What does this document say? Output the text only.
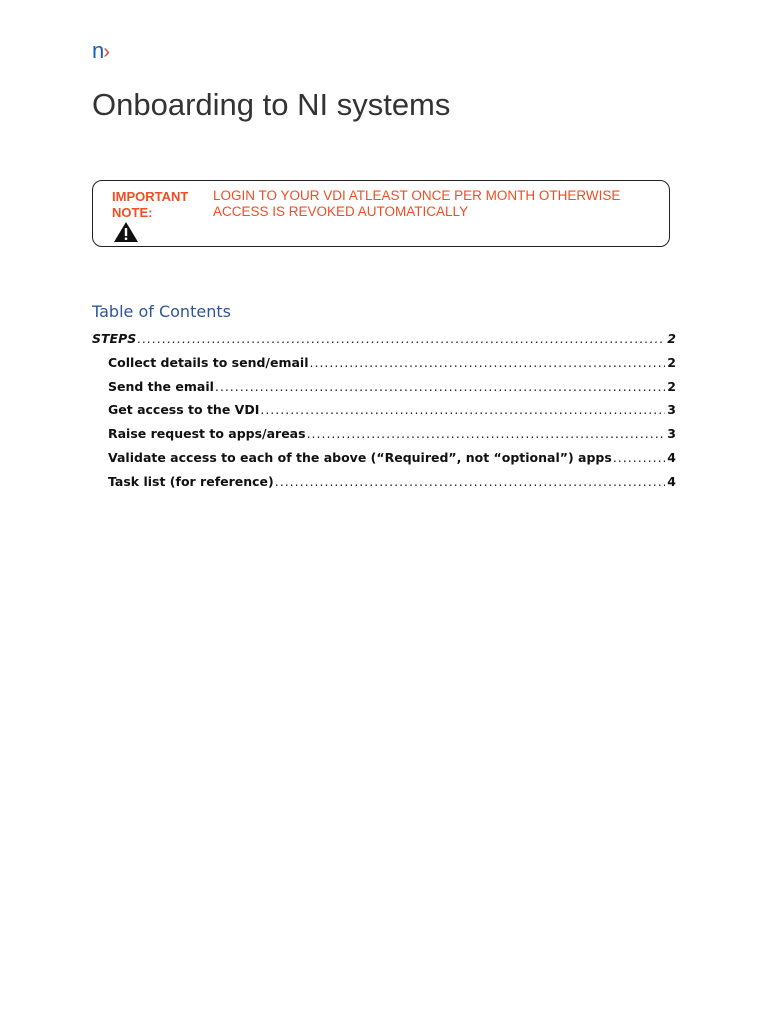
n›
Onboarding to NI systems
IMPORTANT NOTE:
LOGIN TO YOUR VDI ATLEAST ONCE PER MONTH OTHERWISE ACCESS IS REVOKED AUTOMATICALLY
Table of Contents
STEPS .....	2
Collect details to send/email .....	2
Send the email .....	2
Get access to the VDI .....	3
Raise request to apps/areas .....	3
Validate access to each of the above (“Required”, not “optional”) apps .....	4
Task list (for reference) .....	4
